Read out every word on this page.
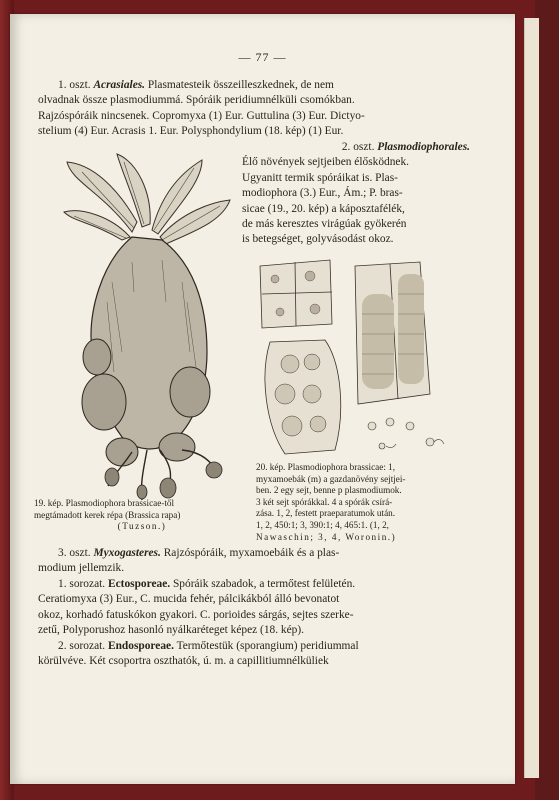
— 77 —

1. oszt. Acrasiales. Plasmatesteik összeilleszkednek, de nem

olvadnak össze plasmodiummá. Spóráik peridiumnélküli csomókban.

Rajzóspóráik nincsenek. Copromyxa (1) Eur. Guttulina (3) Eur. Dictyo-

stelium (4) Eur. Acrasis 1. Eur. Polysphondylium (18. kép) (1) Eur.

2. oszt. Plasmodiophorales.

Élő növények sejtjeiben élősködnek.

Ugyanitt termik spóráikat is. Plas-

modiophora (3.) Eur., Ám.; P. bras-

sicae (19., 20. kép) a káposztafélék,

de más keresztes virágúak gyökerén

is betegséget, golyvásodást okoz.

20. kép. Plasmodiophora brassicae: 1,
myxamoebák (m) a gazdanövény sejtjei-
ben. 2 egy sejt, benne p plasmodiumok.
3 két sejt spórákkal. 4 a spórák csírá-
zása. 1, 2, festett praeparatumok után.
1, 2, 450:1; 3, 390:1; 4, 465:1. (1, 2,
Nawaschin; 3, 4, Woronin.)
19. kép. Plasmodiophora brassicae-től
megtámadott kerek répa (Brassica rapa)
(Tuzson.)

3. oszt. Myxogasteres. Rajzóspóráik, myxamoebáik és a plas-

modium jellemzik.

1. sorozat. Ectosporeae. Spóráik szabadok, a termőtest felületén.

Ceratiomyxa (3) Eur., C. mucida fehér, pálcikákból álló bevonatot

okoz, korhadó fatuskókon gyakori. C. porioides sárgás, sejtes szerke-

zetű, Polyporushoz hasonló nyálkaréteget képez (18. kép).

2. sorozat. Endosporeae. Termőtestük (sporangium) peridiummal

körülvéve. Két csoportra oszthatók, ú. m. a capillitiumnélküliek
